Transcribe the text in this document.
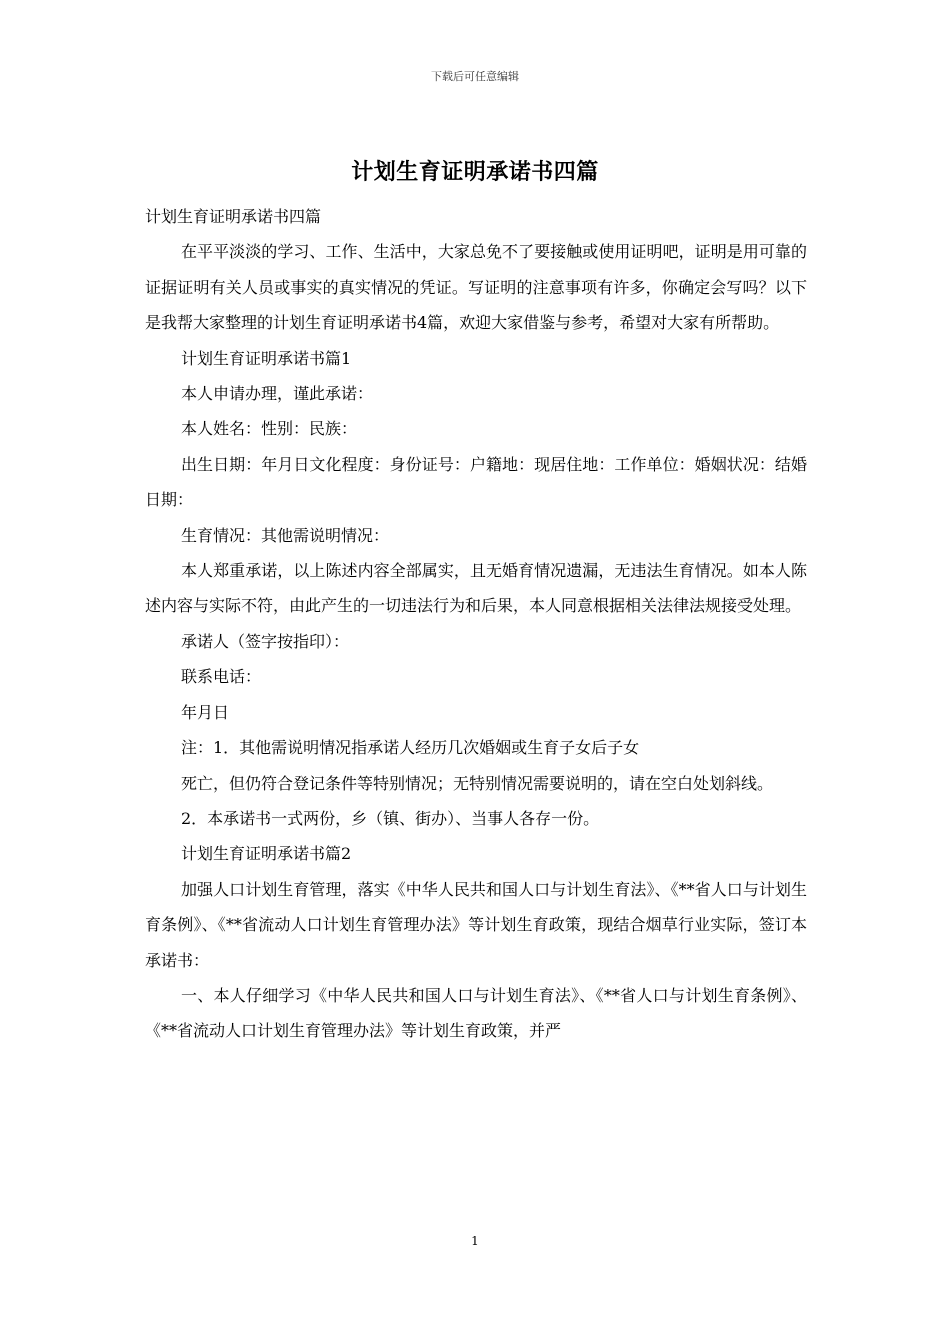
下载后可任意编辑
计划生育证明承诺书四篇

计划生育证明承诺书四篇

在平平淡淡的学习、工作、生活中，大家总免不了要接触或使用证明吧，证明是用可靠的证据证明有关人员或事实的真实情况的凭证。写证明的注意事项有许多，你确定会写吗？以下是我帮大家整理的计划生育证明承诺书4篇，欢迎大家借鉴与参考，希望对大家有所帮助。

计划生育证明承诺书篇1

本人申请办理，谨此承诺：

本人姓名：性别：民族：

出生日期：年月日文化程度：身份证号：户籍地：现居住地：工作单位：婚姻状况：结婚日期：

生育情况：其他需说明情况：

本人郑重承诺，以上陈述内容全部属实，且无婚育情况遗漏，无违法生育情况。如本人陈述内容与实际不符，由此产生的一切违法行为和后果，本人同意根据相关法律法规接受处理。

承诺人（签字按指印）：

联系电话：

年月日

注：1．其他需说明情况指承诺人经历几次婚姻或生育子女后子女

死亡，但仍符合登记条件等特别情况；无特别情况需要说明的，请在空白处划斜线。

2．本承诺书一式两份，乡（镇、街办）、当事人各存一份。

计划生育证明承诺书篇2

加强人口计划生育管理，落实《中华人民共和国人口与计划生育法》、《**省人口与计划生育条例》、《**省流动人口计划生育管理办法》等计划生育政策，现结合烟草行业实际，签订本承诺书：

一、本人仔细学习《中华人民共和国人口与计划生育法》、《**省人口与计划生育条例》、《**省流动人口计划生育管理办法》等计划生育政策，并严

1
